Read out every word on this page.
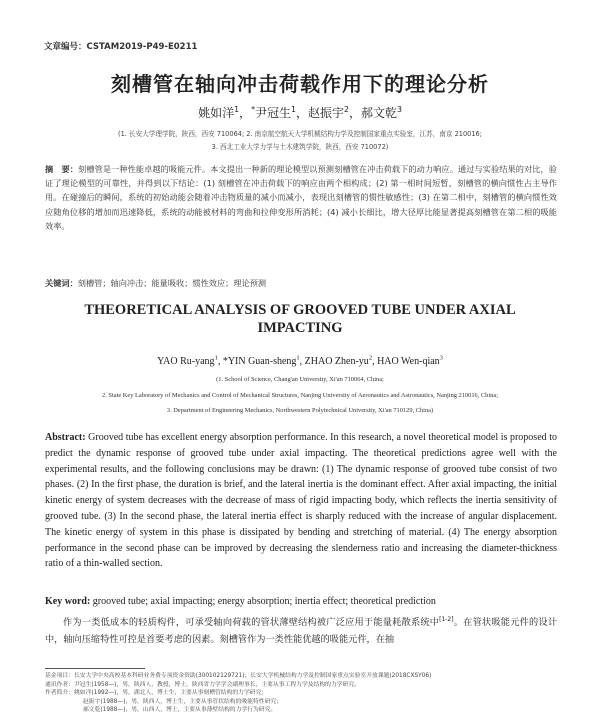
文章编号：CSTAM2019-P49-E0211
刻槽管在轴向冲击荷载作用下的理论分析
姚如洋$^1$，*尹冠生$^1$，赵振宇$^2$，郝文乾$^3$
(1. 长安大学理学院，陕西，西安 710064; 2. 南京航空航天大学机械结构力学及控制国家重点实验室，江苏，南京 210016;
3. 西北工业大学力学与土木建筑学院，陕西，西安 710072)
摘　要：刻槽管是一种性能卓越的吸能元件。本文提出一种新的理论模型以预测刻槽管在冲击荷载下的动力响应。通过与实验结果的对比，验证了理论模型的可靠性，并得到以下结论：(1) 刻槽管在冲击荷载下的响应由两个相构成；(2) 第一相时间短暂，刻槽管的横向惯性占主导作用。在碰撞后的瞬间，系统的初始动能会随着冲击物质量的减小而减小，表现出刻槽管的惯性敏感性；(3) 在第二相中，刻槽管的横向惯性效应随角位移的增加而迅速降低，系统的动能被材料的弯曲和拉伸变形所消耗；(4) 减小长细比，增大径厚比能显著提高刻槽管在第二相的吸能效率。
关键词：刻槽管；轴向冲击；能量吸收；惯性效应；理论预测
THEORETICAL ANALYSIS OF GROOVED TUBE UNDER AXIAL
IMPACTING
YAO Ru-yang$^1$, *YIN Guan-sheng$^1$, ZHAO Zhen-$yu^2$, HAO Wen-qian$^3$
(1. School of Science, Chang'an University, Xi'an 710064, China;
2. State Key Laboratory of Mechanics and Control of Mechanical Structures, Nanjing University of Aeronautics and Astronautics, Nanjing 210016, China;
3. Department of Engineering Mechanics, Northwestern Polytechnical University, Xi'an 710129, China)
Abstract: Grooved tube has excellent energy absorption performance. In this research, a novel theoretical model is proposed to predict the dynamic response of grooved tube under axial impacting. The theoretical predictions agree well with the experimental results, and the following conclusions may be drawn: (1) The dynamic response of grooved tube consist of two phases. (2) In the first phase, the duration is brief, and the lateral inertia is the dominant effect. After axial impacting, the initial kinetic energy of system decreases with the decrease of mass of rigid impacting body, which reflects the inertia sensitivity of grooved tube. (3) In the second phase, the lateral inertia effect is sharply reduced with the increase of angular displacement. The kinetic energy of system in this phase is dissipated by bending and stretching of material. (4) The energy absorption performance in the second phase can be improved by decreasing the slenderness ratio and increasing the diameter-thickness ratio of a thin-walled section.
Key word: grooved tube; axial impacting; energy absorption; inertia effect; theoretical prediction
作为一类低成本的轻质构件，可承受轴向荷载的管状薄壁结构被广泛应用于能量耗散系统中[1-2]。在管状吸能元件的设计中，轴向压缩特性可控是首要考虑的因素。刻槽管作为一类性能优越的吸能元件，在抽
基金项目：长安大学中央高校基本科研业务费专项资金资助(300102129721)；长安大学机械结构力学及控制国家重点实验室开放课题(2018CXSY06)
通讯作者：尹冠生(1958—)，男，陕西人，教授，博士，陕西省力学学会副理事长，主要从事工程力学及结构的力学研究。
作者简介：姚如洋(1992—)，男，湖北人，博士生，主要从事刻槽管结构的力学研究；
赵振宇(1988—)，男，陕西人，博士生，主要从事管状结构的吸能特性研究；
郝文乾(1988—)，男，山西人，博士，主要从事薄壁结构的力学行为研究。
